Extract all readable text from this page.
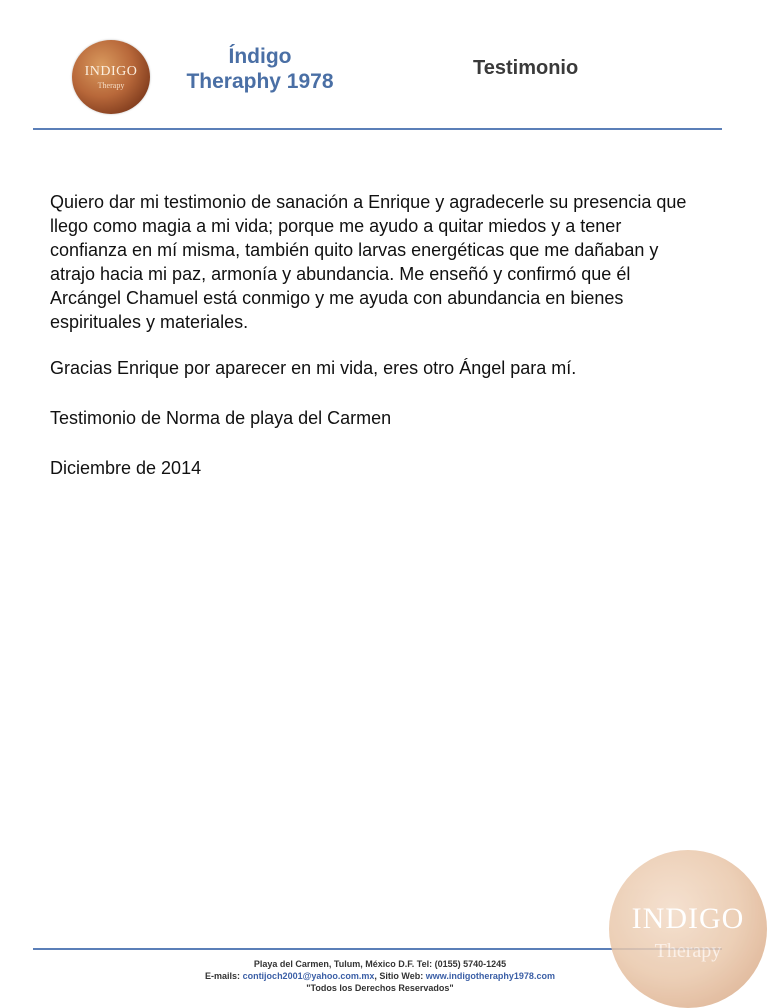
INDIGO
Therapy
Índigo
Theraphy 1978
Testimonio

Quiero dar mi testimonio de sanación a Enrique y agradecerle su presencia que llego como magia a mi vida; porque me ayudo a quitar miedos y a tener confianza en mí misma, también quito larvas energéticas que me dañaban y atrajo hacia mi paz, armonía y abundancia. Me enseñó y confirmó que él Arcángel Chamuel está conmigo y me ayuda con abundancia en bienes espirituales y materiales.

Gracias Enrique por aparecer en mi vida, eres otro Ángel para mí.

Testimonio de Norma de playa del Carmen

Diciembre de 2014

Playa del Carmen, Tulum, México D.F. Tel: (0155) 5740-1245
E-mails: contijoch2001@yahoo.com.mx, Sitio Web: www.indigotheraphy1978.com
"Todos los Derechos Reservados"
INDIGO
Therapy
